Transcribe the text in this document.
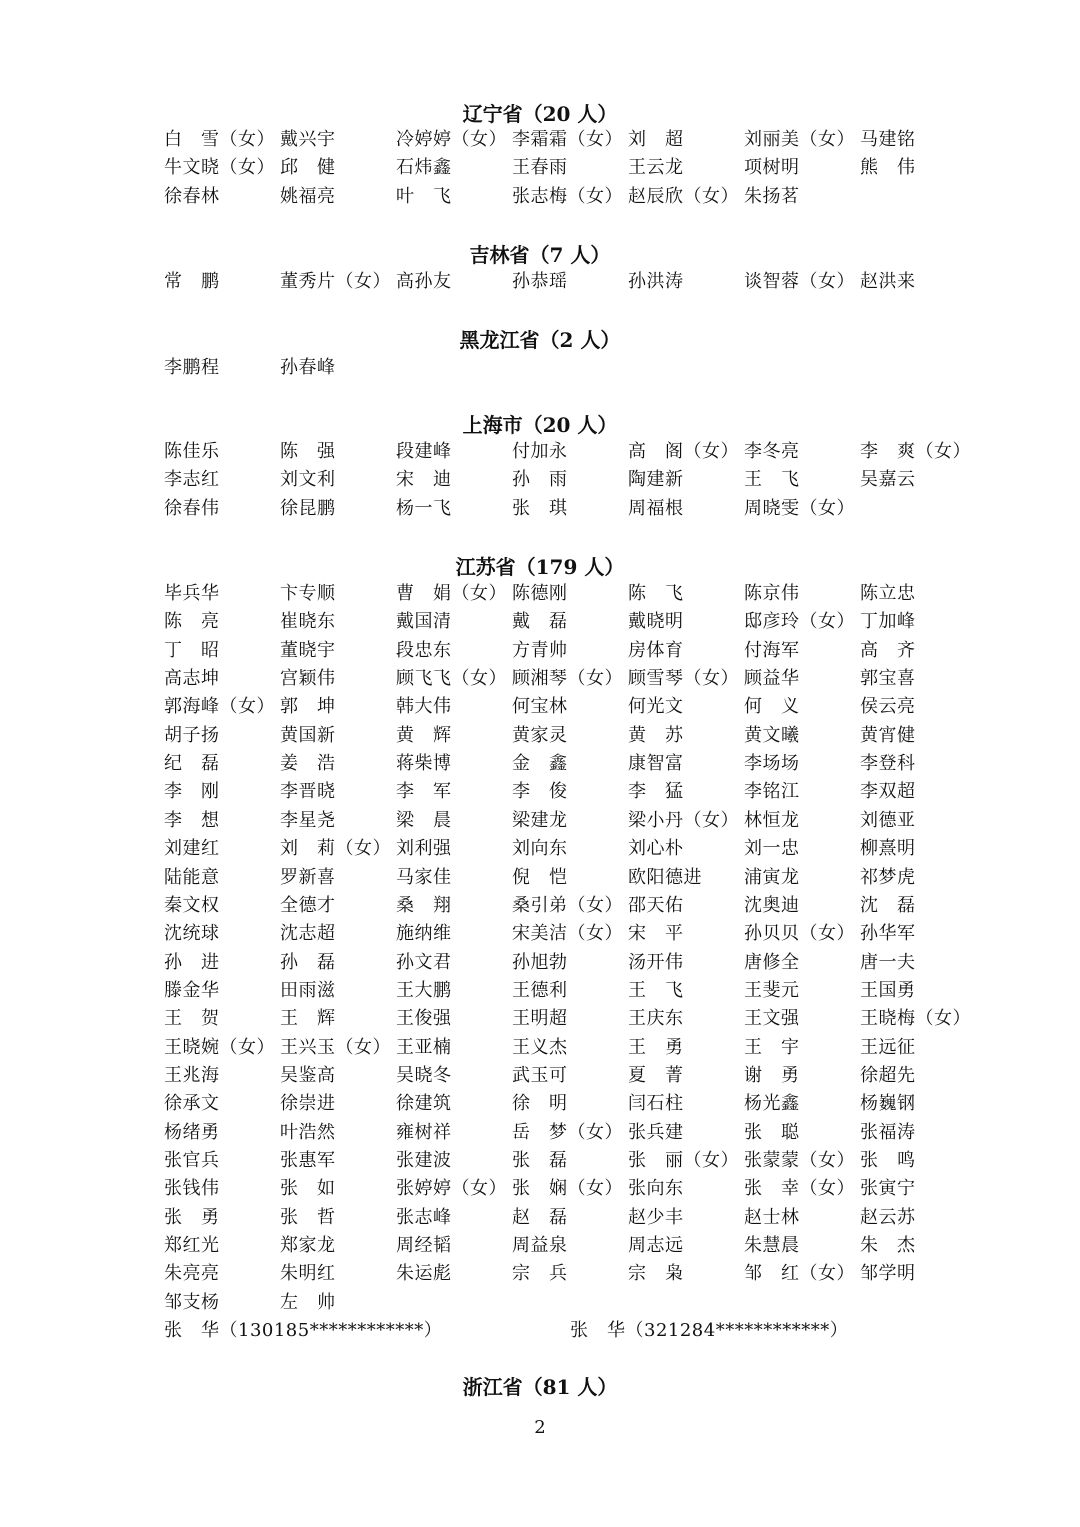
辽宁省（20 人）
白　雪（女） 戴兴宇	冷婷婷（女） 李霜霜（女） 刘　超	刘丽美（女） 马建铭
牛文晓（女） 邱　健	石炜鑫	王春雨	王云龙	项树明	熊　伟
徐春林	姚福亮	叶　飞	张志梅（女） 赵辰欣（女） 朱扬茗
吉林省（7 人）
常　鹏	董秀片（女） 高孙友	孙恭瑶	孙洪涛	谈智蓉（女） 赵洪来
黑龙江省（2 人）
李鹏程	孙春峰
上海市（20 人）
陈佳乐	陈　强	段建峰	付加永	高　阁（女） 李冬亮	李　爽（女）
李志红	刘文利	宋　迪	孙　雨	陶建新	王　飞	吴嘉云
徐春伟	徐昆鹏	杨一飞	张　琪	周福根	周晓雯（女）
江苏省（179 人）
毕兵华	卞专顺	曹　娟（女） 陈德刚	陈　飞	陈京伟	陈立忠
陈　亮	崔晓东	戴国清	戴　磊	戴晓明	邸彦玲（女） 丁加峰
丁　昭	董晓宇	段忠东	方青帅	房体育	付海军	高　齐
高志坤	宫颖伟	顾飞飞（女） 顾湘琴（女） 顾雪琴（女） 顾益华	郭宝喜
郭海峰（女） 郭　坤	韩大伟	何宝林	何光文	何　义	侯云亮
胡子扬	黄国新	黄　辉	黄家灵	黄　苏	黄文曦	黄宵健
纪　磊	姜　浩	蒋柴博	金　鑫	康智富	李场场	李登科
李　刚	李晋晓	李　军	李　俊	李　猛	李铭江	李双超
李　想	李星尧	梁　晨	梁建龙	梁小丹（女） 林恒龙	刘德亚
刘建红	刘　莉（女） 刘利强	刘向东	刘心朴	刘一忠	柳熹明
陆能意	罗新喜	马家佳	倪　恺	欧阳德进 浦寅龙	祁梦虎
秦文权	全德才	桑　翔	桑引弟（女） 邵天佑	沈奥迪	沈　磊
沈统球	沈志超	施纳维	宋美洁（女） 宋　平	孙贝贝（女） 孙华军
孙　进	孙　磊	孙文君	孙旭勃	汤开伟	唐修全	唐一夫
滕金华	田雨滋	王大鹏	王德利	王　飞	王斐元	王国勇
王　贺	王　辉	王俊强	王明超	王庆东	王文强	王晓梅（女）
王晓婉（女） 王兴玉（女） 王亚楠	王义杰	王　勇	王　宇	王远征
王兆海	吴鉴高	吴晓冬	武玉可	夏　菁	谢　勇	徐超先
徐承文	徐崇进	徐建筑	徐　明	闫石柱	杨光鑫	杨巍钢
杨绪勇	叶浩然	雍树祥	岳　梦（女） 张兵建	张　聪	张福涛
张官兵	张惠军	张建波	张　磊	张　丽（女） 张蒙蒙（女） 张　鸣
张钱伟	张　如	张婷婷（女） 张　娴（女） 张向东	张　幸（女） 张寅宁
张　勇	张　哲	张志峰	赵　磊	赵少丰	赵士林	赵云苏
郑红光	郑家龙	周经韬	周益泉	周志远	朱慧晨	朱　杰
朱亮亮	朱明红	朱运彪	宗　兵	宗　枭	邹　红（女） 邹学明
邹支杨	左　帅
张　华（130185************）	张　华（321284************）
浙江省（81 人）
2
